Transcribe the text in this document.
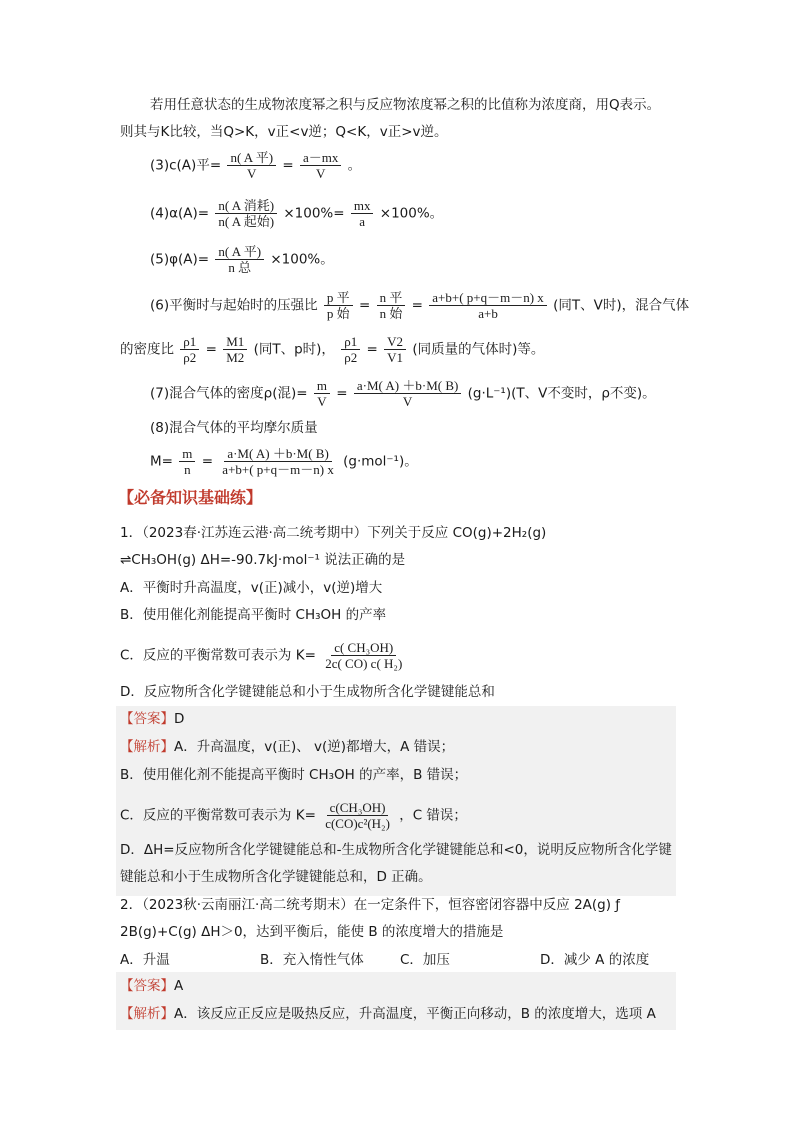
若用任意状态的生成物浓度幂之积与反应物浓度幂之积的比值称为浓度商，用Q表示。
则其与K比较，当Q>K，v正<v逆；Q<K，v正>v逆。
(3)c(A)平= $\frac{\text{n( A 平)}}{V} = \frac{a-mx}{V}$ 。
$(4)\alpha(A)= \frac{\text{n( A 消耗)}}{\text{n( A 起始)}} \times 100\%= \frac{mx}{a} \times 100\%$。
$(5)\varphi(A)= \frac{\text{n( A 平)}}{\text{n 总}} \times 100\%$。
(6)平衡时与起始时的压强比 $\frac{\text{p 平}}{\text{p 始}} = \frac{\text{n 平}}{\text{n 始}} = \frac{a+b+( p+q-m-n) x}{a+b}$ (同T、V时)，混合气体
的密度比 $\frac{\rho 1}{\rho 2} = \frac{M1}{M2}$ (同T、p时)， $\frac{\rho 1}{\rho 2} = \frac{V2}{V1}$ (同质量的气体时)等。
(7)混合气体的密度ρ(混)= $\frac{m}{V} = \frac{a\cdot M( A) +b\cdot M( B)}{V} (g\cdot L^{-1})(T$、V不变时，ρ不变)。
(8)混合气体的平均摩尔质量
$M= \frac{m}{n} = \frac{a\cdot M( A) +b\cdot M( B)}{a+b+( p+q-m-n) x} (g\cdot mol^{-1})$。
【必备知识基础练】
1．（2023春·江苏连云港·高二统考期中）下列关于反应 CO(g)+2H₂(g)
⇌CH₃OH(g) ΔH=-90.7kJ·mol⁻¹ 说法正确的是
A．平衡时升高温度，v(正)减小，v(逆)增大
B．使用催化剂能提高平衡时 CH₃OH 的产率
C．反应的平衡常数可表示为 $K= \frac{\text{c( CH₃OH)}}{\text{2c( CO) c( H₂)}}$
D．反应物所含化学键键能总和小于生成物所含化学键键能总和
【答案】D
【解析】A．升高温度，v(正)、 v(逆)都增大，A 错误；
B．使用催化剂不能提高平衡时 CH₃OH 的产率，B 错误；
C．反应的平衡常数可表示为 $K= \frac{\text{c(CH₃OH)}}{\text{c(CO)c²(H₂)}}$ ，C 错误；
D．ΔH=反应物所含化学键键能总和-生成物所含化学键键能总和<0，说明反应物所含化学键
键能总和小于生成物所含化学键键能总和，D 正确。
2．（2023秋·云南丽江·高二统考期末）在一定条件下，恒容密闭容器中反应 2A(g) ƒ
2B(g)+C(g) ΔH＞0，达到平衡后，能使 B 的浓度增大的措施是
A．升温	B．充入惰性气体	C．加压	D．减少 A 的浓度
【答案】A
【解析】A．该反应正反应是吸热反应，升高温度，平衡正向移动，B 的浓度增大，选项 A
